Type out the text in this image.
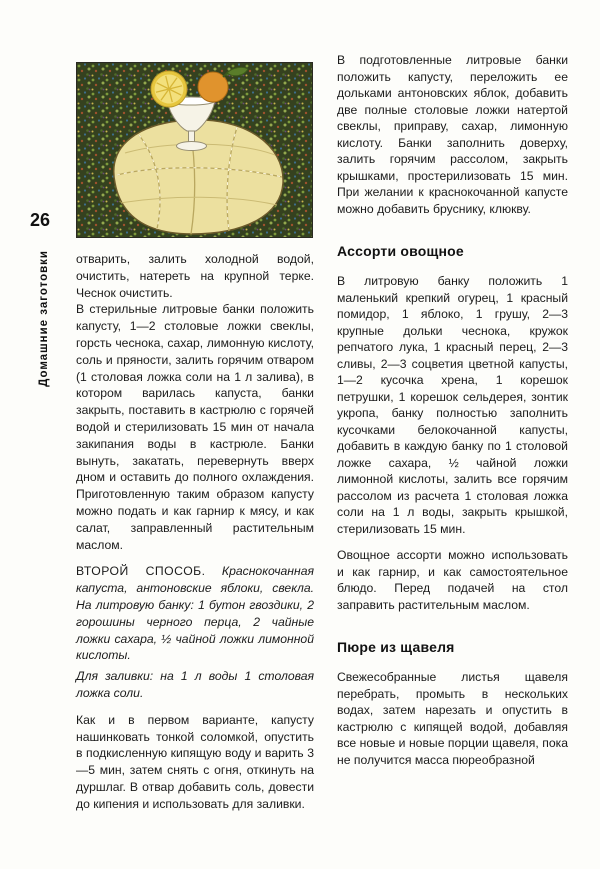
26
Домашние заготовки отварить, залить холодной водой, очистить, натереть на крупной терке. Чеснок очистить.

В стерильные литровые банки положить капусту, 1—2 столовые ложки свеклы, горсть чеснока, сахар, лимонную кислоту, соль и пряности, залить горячим отваром (1 столовая ложка соли на 1 л залива), в котором варилась капуста, банки закрыть, поставить в кастрюлю с горячей водой и стерилизовать 15 мин от начала закипания воды в кастрюле. Банки вынуть, закатать, перевернуть вверх дном и оставить до полного охлаждения. Приготовленную таким образом капусту можно подать и как гарнир к мясу, и как салат, заправленный растительным маслом.

ВТОРОЙ СПОСОБ. Краснокочанная капуста, антоновские яблоки, свекла. На литровую банку: 1 бутон гвоздики, 2 горошины черного перца, 2 чайные ложки сахара, ½ чайной ложки лимонной кислоты.

Для заливки: на 1 л воды 1 столовая ложка соли.

Как и в первом варианте, капусту нашинковать тонкой соломкой, опустить в подкисленную кипящую воду и варить 3—5 мин, затем снять с огня, откинуть на дуршлаг. В отвар добавить соль, довести до кипения и использовать для заливки.

В подготовленные литровые банки положить капусту, переложить ее дольками антоновских яблок, добавить две полные столовые ложки натертой свеклы, приправу, сахар, лимонную кислоту. Банки заполнить доверху, залить горячим рассолом, закрыть крышками, простерилизовать 15 мин. При желании к краснокочанной капусте можно добавить бруснику, клюкву.

Ассорти овощное

В литровую банку положить 1 маленький крепкий огурец, 1 красный помидор, 1 яблоко, 1 грушу, 2—3 крупные дольки чеснока, кружок репчатого лука, 1 красный перец, 2—3 сливы, 2—3 соцветия цветной капусты, 1—2 кусочка хрена, 1 корешок петрушки, 1 корешок сельдерея, зонтик укропа, банку полностью заполнить кусочками белокочанной капусты, добавить в каждую банку по 1 столовой ложке сахара, ½ чайной ложки лимонной кислоты, залить все горячим рассолом из расчета 1 столовая ложка соли на 1 л воды, закрыть крышкой, стерилизовать 15 мин.

Овощное ассорти можно использовать и как гарнир, и как самостоятельное блюдо. Перед подачей на стол заправить растительным маслом.

Пюре из щавеля

Свежесобранные листья щавеля перебрать, промыть в нескольких водах, затем нарезать и опустить в кастрюлю с кипящей водой, добавляя все новые и новые порции щавеля, пока не получится масса пюреобразной
